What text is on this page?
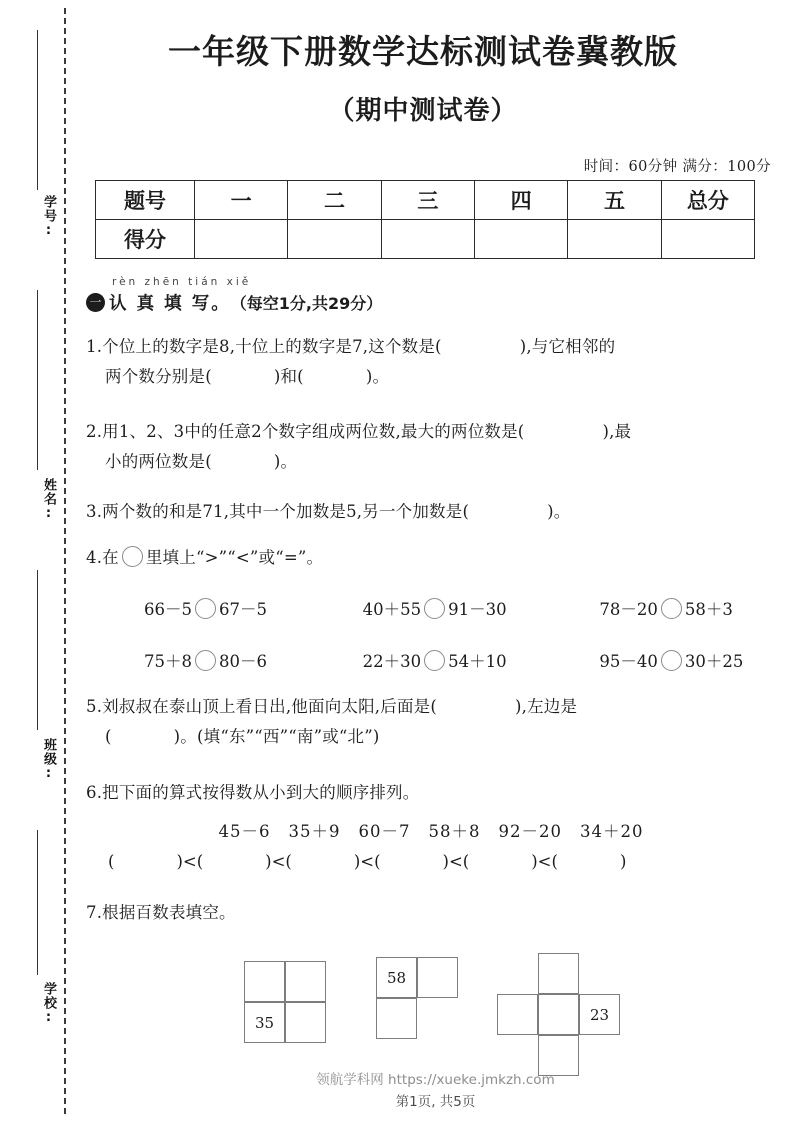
学号:
姓名:
班级:
学校:
一年级下册数学达标测试卷冀教版
（期中测试卷）
时间：60分钟 满分：100分
题号	一	二	三	四	五	总分
得分						
rèn zhēn tián xiě
一 认 真 填 写。 （每空1分,共29分）
1.个位上的数字是8,十位上的数字是7,这个数是(	),与它相邻的
两个数分别是(	)和(	)。
2.用1、2、3中的任意2个数字组成两位数,最大的两位数是(	),最
小的两位数是(	)。
3.两个数的和是71,其中一个加数是5,另一个加数是(	)。
4.在 里填上“>”“<”或“=”。
66－5 67－5	40＋55 91－30	78－20 58＋3
75＋8 80－6	22＋30 54＋10	95－40 30＋25
5.刘叔叔在泰山顶上看日出,他面向太阳,后面是(	),左边是
(	)。(填“东”“西”“南”或“北”)
6.把下面的算式按得数从小到大的顺序排列。
45－6 35＋9 60－7 58＋8 92－20 34＋20
(	)<(	)<(	)<(	)<(	)<(	)
7.根据百数表填空。
35
58
23
领航学科网 https://xueke.jmkzh.com
第1页, 共5页
